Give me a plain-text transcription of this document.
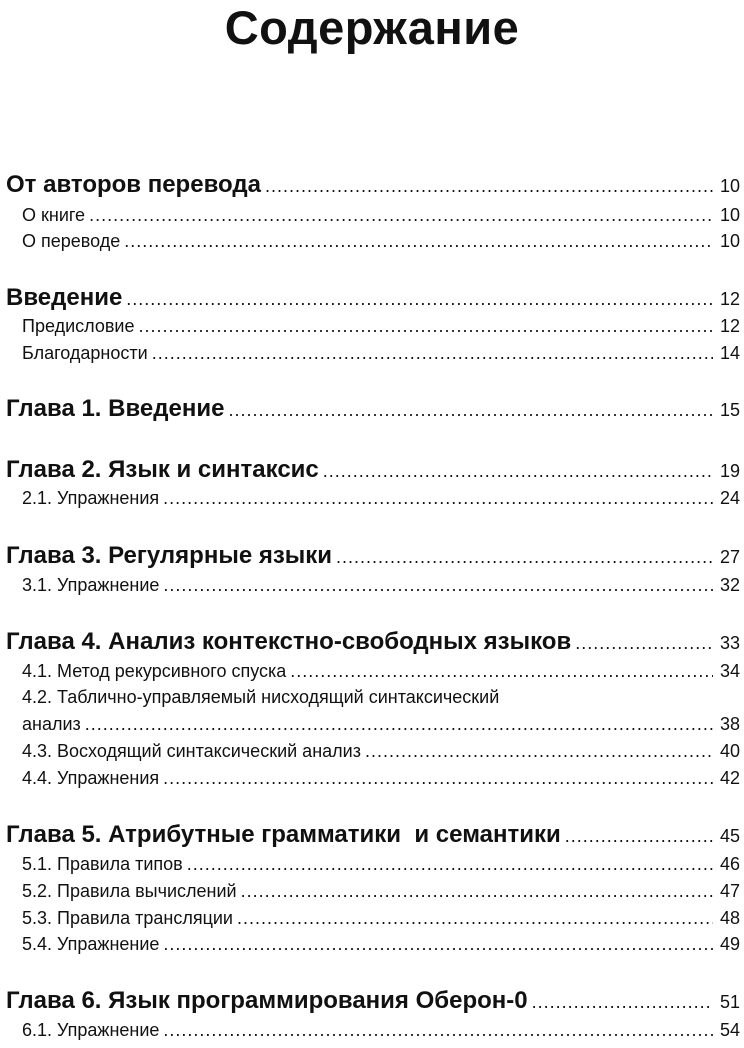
Содержание
От авторов перевода .....	10
О книге .....	10
О переводе .....	10
Введение .....	12
Предисловие .....	12
Благодарности .....	14
Глава 1. Введение .....	15
Глава 2. Язык и синтаксис .....	19
2.1. Упражнения .....	24
Глава 3. Регулярные языки .....	27
3.1. Упражнение .....	32
Глава 4. Анализ контекстно-свободных языков .....	33
4.1. Метод рекурсивного спуска .....	34
4.2. Таблично-управляемый нисходящий синтаксический
анализ .....	38
4.3. Восходящий синтаксический анализ .....	40
4.4. Упражнения .....	42
Глава 5. Атрибутные грамматики  и семантики .....	45
5.1. Правила типов .....	46
5.2. Правила вычислений .....	47
5.3. Правила трансляции .....	48
5.4. Упражнение .....	49
Глава 6. Язык программирования Оберон-0 .....	51
6.1. Упражнение .....	54
